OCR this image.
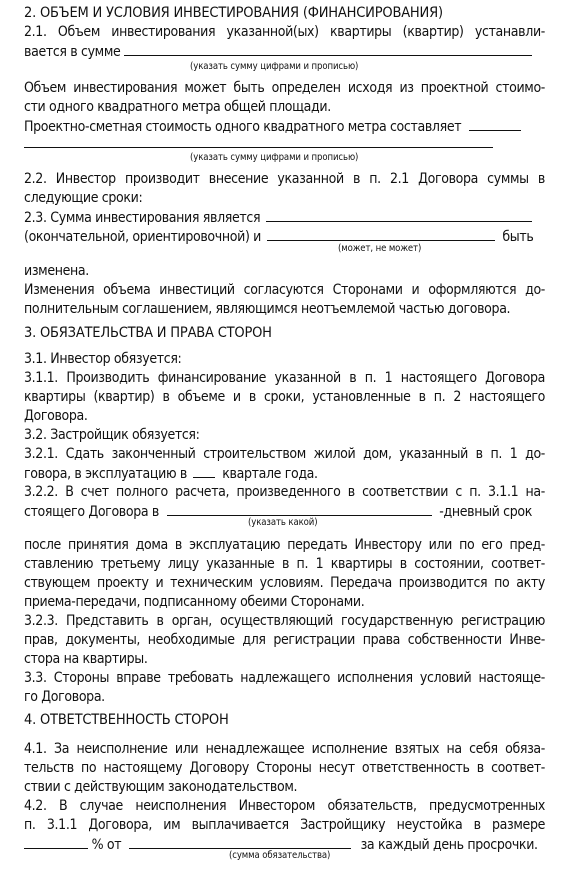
2. ОБЪЕМ И УСЛОВИЯ ИНВЕСТИРОВАНИЯ (ФИНАНСИРОВАНИЯ)
2.1. Объем инвестирования указанной(ых) квартиры (квартир) устанавли-
вается в сумме
(указать сумму цифрами и прописью)
Объем инвестирования может быть определен исходя из проектной стоимо-
сти одного квадратного метра общей площади.
Проектно-сметная стоимость одного квадратного метра составляет
(указать сумму цифрами и прописью)
2.2. Инвестор производит внесение указанной в п. 2.1 Договора суммы в
следующие сроки:
2.3. Сумма инвестирования является
(окончательной, ориентировочной) и	быть
(может, не может)
изменена.
Изменения объема инвестиций согласуются Сторонами и оформляются до-
полнительным соглашением, являющимся неотъемлемой частью договора.
3. ОБЯЗАТЕЛЬСТВА И ПРАВА СТОРОН
3.1. Инвестор обязуется:
3.1.1. Производить финансирование указанной в п. 1 настоящего Договора
квартиры (квартир) в объеме и в сроки, установленные в п. 2 настоящего
Договора.
3.2. Застройщик обязуется:
3.2.1. Сдать законченный строительством жилой дом, указанный в п. 1 до-
говора, в эксплуатацию в	квартале года.
3.2.2. В счет полного расчета, произведенного в соответствии с п. 3.1.1 на-
стоящего Договора в	-дневный срок
(указать какой)
после принятия дома в эксплуатацию передать Инвестору или по его пред-
ставлению третьему лицу указанные в п. 1 квартиры в состоянии, соответ-
ствующем проекту и техническим условиям. Передача производится по акту
приема-передачи, подписанному обеими Сторонами.
3.2.3. Представить в орган, осуществляющий государственную регистрацию
прав, документы, необходимые для регистрации права собственности Инве-
стора на квартиры.
3.3. Стороны вправе требовать надлежащего исполнения условий настояще-
го Договора.
4. ОТВЕТСТВЕННОСТЬ СТОРОН
4.1. За неисполнение или ненадлежащее исполнение взятых на себя обяза-
тельств по настоящему Договору Стороны несут ответственность в соответ-
ствии с действующим законодательством.
4.2. В случае неисполнения Инвестором обязательств, предусмотренных
п. 3.1.1 Договора, им выплачивается Застройщику неустойка в размере
% от	за каждый день просрочки.
(сумма обязательства)
